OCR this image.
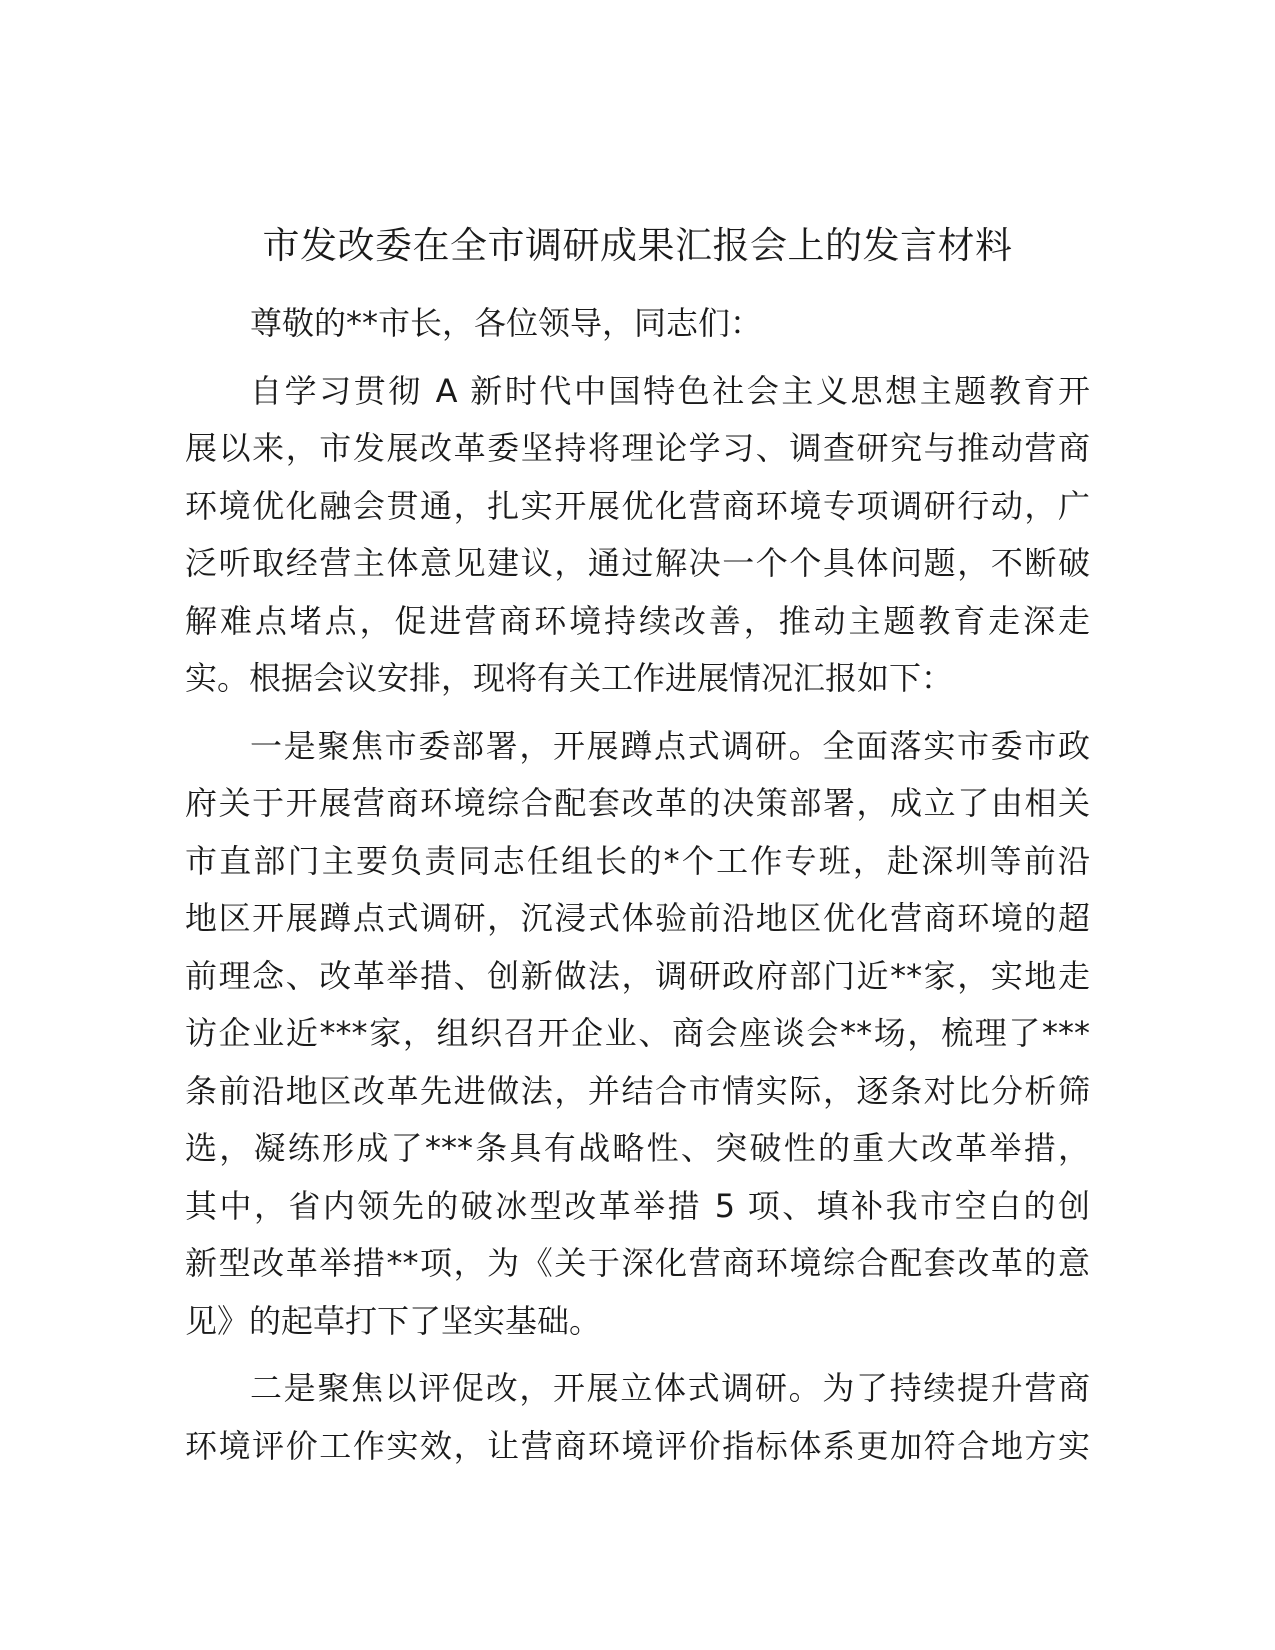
市发改委在全市调研成果汇报会上的发言材料
尊敬的**市长，各位领导，同志们：
自学习贯彻 A 新时代中国特色社会主义思想主题教育开
展以来，市发展改革委坚持将理论学习、调查研究与推动营商
环境优化融会贯通，扎实开展优化营商环境专项调研行动，广
泛听取经营主体意见建议，通过解决一个个具体问题，不断破
解难点堵点，促进营商环境持续改善，推动主题教育走深走
实。根据会议安排，现将有关工作进展情况汇报如下：
一是聚焦市委部署，开展蹲点式调研。全面落实市委市政
府关于开展营商环境综合配套改革的决策部署，成立了由相关
市直部门主要负责同志任组长的*个工作专班，赴深圳等前沿
地区开展蹲点式调研，沉浸式体验前沿地区优化营商环境的超
前理念、改革举措、创新做法，调研政府部门近**家，实地走
访企业近***家，组织召开企业、商会座谈会**场，梳理了***
条前沿地区改革先进做法，并结合市情实际，逐条对比分析筛
选，凝练形成了***条具有战略性、突破性的重大改革举措，
其中，省内领先的破冰型改革举措 5 项、填补我市空白的创
新型改革举措**项，为《关于深化营商环境综合配套改革的意
见》的起草打下了坚实基础。
二是聚焦以评促改，开展立体式调研。为了持续提升营商
环境评价工作实效，让营商环境评价指标体系更加符合地方实
